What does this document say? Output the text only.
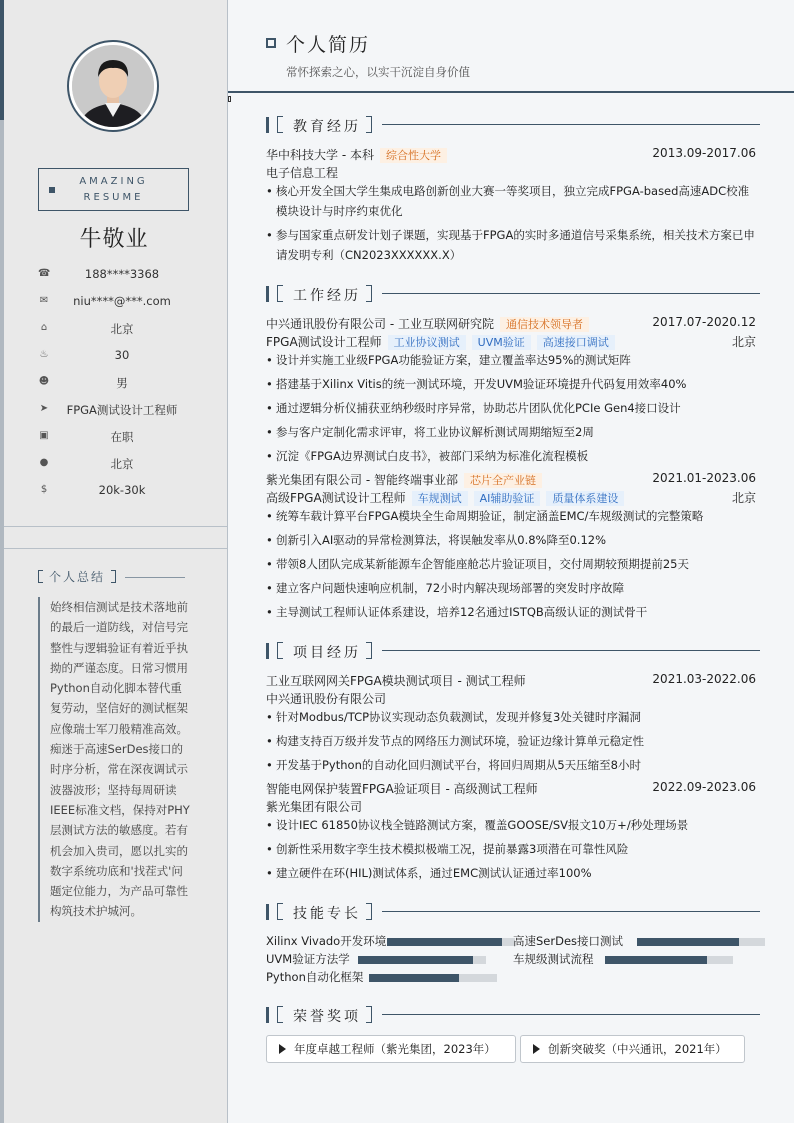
AMAZING
RESUME
牛敬业
☎	188****3368
✉	niu****@***.com
⌂	北京
♨	30
☻	男
➤	FPGA测试设计工程师
▣	在职
●	北京
$	20k-30k
个人总结
始终相信测试是技术落地前的最后一道防线，对信号完整性与逻辑验证有着近乎执拗的严谨态度。日常习惯用Python自动化脚本替代重复劳动，坚信好的测试框架应像瑞士军刀般精准高效。痴迷于高速SerDes接口的时序分析，常在深夜调试示波器波形；坚持每周研读IEEE标准文档，保持对PHY层测试方法的敏感度。若有机会加入贵司，愿以扎实的数字系统功底和'找茬式'问题定位能力，为产品可靠性构筑技术护城河。
个人简历
常怀探索之心，以实干沉淀自身价值
教育经历
华中科技大学 - 本科 综合性大学	2013.09-2017.06
电子信息工程
• 核心开发全国大学生集成电路创新创业大赛一等奖项目，独立完成FPGA-based高速ADC校准模块设计与时序约束优化
• 参与国家重点研发计划子课题，实现基于FPGA的实时多通道信号采集系统，相关技术方案已申请发明专利（CN2023XXXXXX.X）
工作经历
中兴通讯股份有限公司 - 工业互联网研究院 通信技术领导者	2017.07-2020.12
FPGA测试设计工程师 工业协议测试 UVM验证 高速接口调试	北京
• 设计并实施工业级FPGA功能验证方案，建立覆盖率达95%的测试矩阵
• 搭建基于Xilinx Vitis的统一测试环境，开发UVM验证环境提升代码复用效率40%
• 通过逻辑分析仪捕获亚纳秒级时序异常，协助芯片团队优化PCIe Gen4接口设计
• 参与客户定制化需求评审，将工业协议解析测试周期缩短至2周
• 沉淀《FPGA边界测试白皮书》，被部门采纳为标准化流程模板
紫光集团有限公司 - 智能终端事业部 芯片全产业链	2021.01-2023.06
高级FPGA测试设计工程师 车规测试 AI辅助验证 质量体系建设	北京
• 统筹车载计算平台FPGA模块全生命周期验证，制定涵盖EMC/车规级测试的完整策略
• 创新引入AI驱动的异常检测算法，将误触发率从0.8%降至0.12%
• 带领8人团队完成某新能源车企智能座舱芯片验证项目，交付周期较预期提前25天
• 建立客户问题快速响应机制，72小时内解决现场部署的突发时序故障
• 主导测试工程师认证体系建设，培养12名通过ISTQB高级认证的测试骨干
项目经历
工业互联网网关FPGA模块测试项目 - 测试工程师	2021.03-2022.06
中兴通讯股份有限公司
• 针对Modbus/TCP协议实现动态负载测试，发现并修复3处关键时序漏洞
• 构建支持百万级并发节点的网络压力测试环境，验证边缘计算单元稳定性
• 开发基于Python的自动化回归测试平台，将回归周期从5天压缩至8小时
智能电网保护装置FPGA验证项目 - 高级测试工程师	2022.09-2023.06
紫光集团有限公司
• 设计IEC 61850协议栈全链路测试方案，覆盖GOOSE/SV报文10万+/秒处理场景
• 创新性采用数字孪生技术模拟极端工况，提前暴露3项潜在可靠性风险
• 建立硬件在环(HIL)测试体系，通过EMC测试认证通过率100%
技能专长
Xilinx Vivado开发环境	高速SerDes接口测试
UVM验证方法学	车规级测试流程
Python自动化框架
荣誉奖项
年度卓越工程师（紫光集团，2023年）	创新突破奖（中兴通讯，2021年）
